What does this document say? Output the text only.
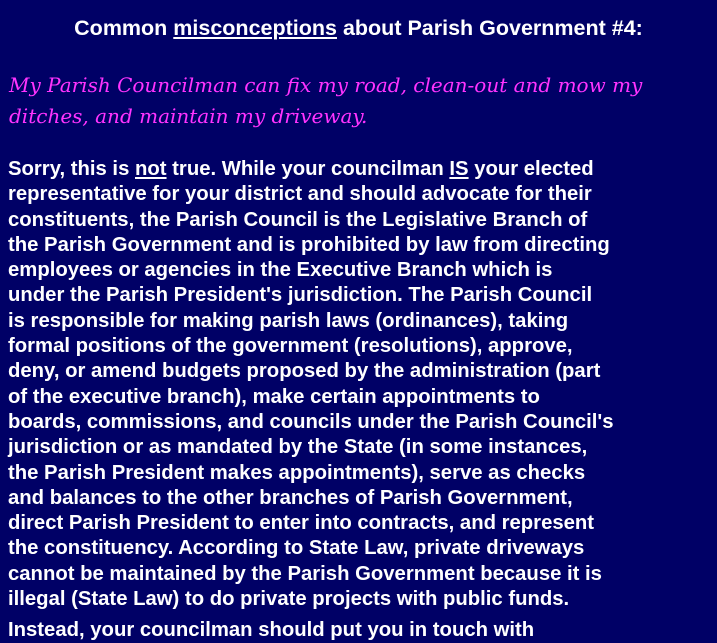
Common misconceptions about Parish Government #4:
My Parish Councilman can fix my road, clean-out and mow my
ditches, and maintain my driveway.
Sorry, this is not true. While your councilman IS your elected
representative for your district and should advocate for their
constituents, the Parish Council is the Legislative Branch of
the Parish Government and is prohibited by law from directing
employees or agencies in the Executive Branch which is
under the Parish President's jurisdiction. The Parish Council
is responsible for making parish laws (ordinances), taking
formal positions of the government (resolutions), approve,
deny, or amend budgets proposed by the administration (part
of the executive branch), make certain appointments to
boards, commissions, and councils under the Parish Council's
jurisdiction or as mandated by the State (in some instances,
the Parish President makes appointments), serve as checks
and balances to the other branches of Parish Government,
direct Parish President to enter into contracts, and represent
the constituency. According to State Law, private driveways
cannot be maintained by the Parish Government because it is
illegal (State Law) to do private projects with public funds.
Instead, your councilman should put you in touch with
